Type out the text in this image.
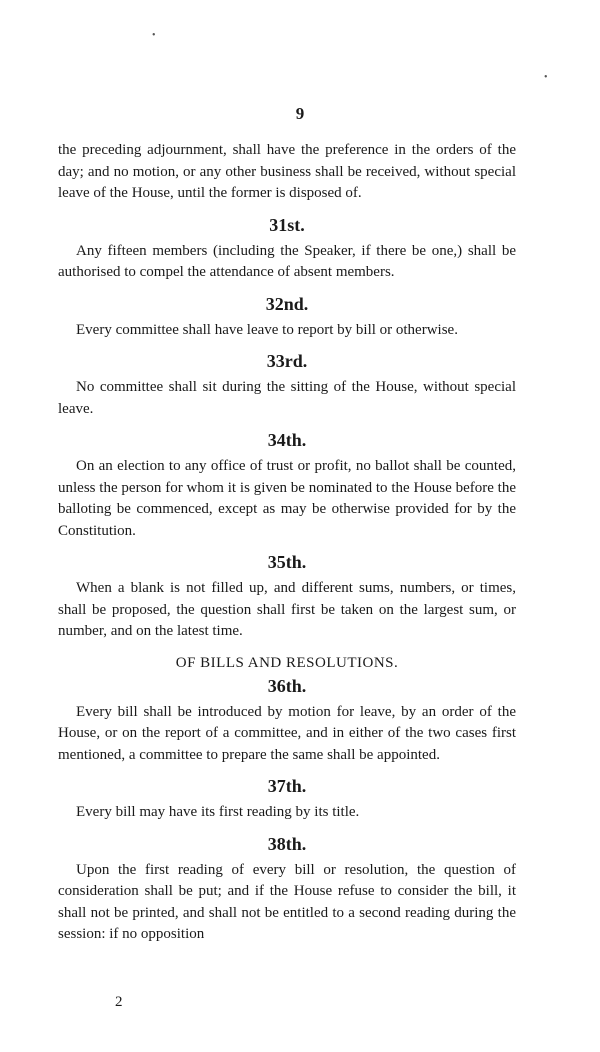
•
•
9

the preceding adjournment, shall have the preference in the orders of the day; and no motion, or any other business shall be received, without special leave of the House, until the former is disposed of.

31st.

Any fifteen members (including the Speaker, if there be one,) shall be authorised to compel the attendance of absent members.

32nd.

Every committee shall have leave to report by bill or otherwise.

33rd.

No committee shall sit during the sitting of the House, without special leave.

34th.

On an election to any office of trust or profit, no ballot shall be counted, unless the person for whom it is given be nominated to the House before the balloting be commenced, except as may be otherwise provided for by the Constitution.

35th.

When a blank is not filled up, and different sums, numbers, or times, shall be proposed, the question shall first be taken on the largest sum, or number, and on the latest time.

OF BILLS AND RESOLUTIONS.
36th.

Every bill shall be introduced by motion for leave, by an order of the House, or on the report of a committee, and in either of the two cases first mentioned, a committee to prepare the same shall be appointed.

37th.

Every bill may have its first reading by its title.

38th.

Upon the first reading of every bill or resolution, the question of consideration shall be put; and if the House refuse to consider the bill, it shall not be printed, and shall not be entitled to a second reading during the session: if no opposition

2
